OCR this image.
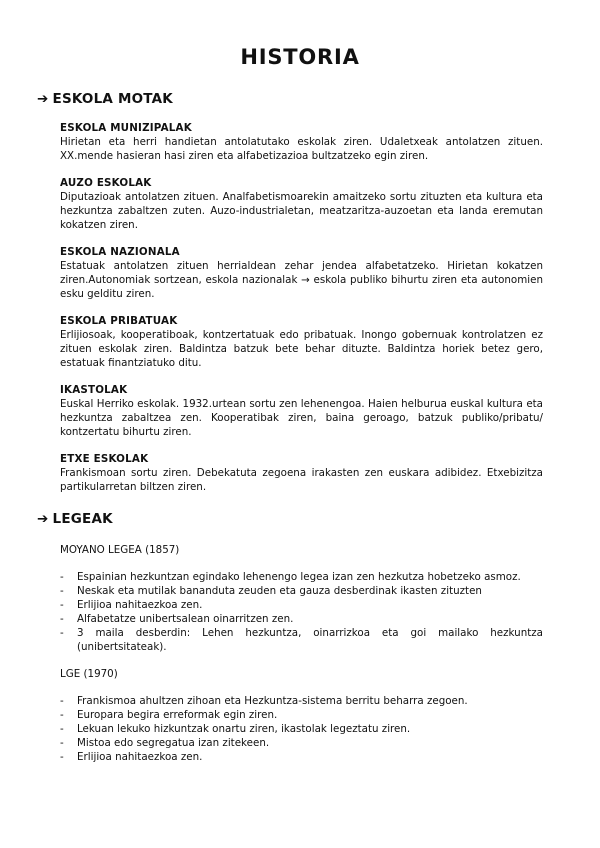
HISTORIA
➔ ESKOLA MOTAK

ESKOLA MUNIZIPALAK

Hirietan eta herri handietan antolatutako eskolak ziren. Udaletxeak antolatzen zituen. XX.mende hasieran hasi ziren eta alfabetizazioa bultzatzeko egin ziren.

AUZO ESKOLAK

Diputazioak antolatzen zituen. Analfabetismoarekin amaitzeko sortu zituzten eta kultura eta hezkuntza zabaltzen zuten. Auzo-industrialetan, meatzaritza-auzoetan eta landa eremutan kokatzen ziren.

ESKOLA NAZIONALA

Estatuak antolatzen zituen herrialdean zehar jendea alfabetatzeko. Hirietan kokatzen ziren.Autonomiak sortzean, eskola nazionalak → eskola publiko bihurtu ziren eta autonomien esku gelditu ziren.

ESKOLA PRIBATUAK

Erlijiosoak, kooperatiboak, kontzertatuak edo pribatuak. Inongo gobernuak kontrolatzen ez zituen eskolak ziren. Baldintza batzuk bete behar dituzte. Baldintza horiek betez gero, estatuak finantziatuko ditu.

IKASTOLAK

Euskal Herriko eskolak. 1932.urtean sortu zen lehenengoa. Haien helburua euskal kultura eta hezkuntza zabaltzea zen. Kooperatibak ziren, baina geroago, batzuk publiko/pribatu/ kontzertatu bihurtu ziren.

ETXE ESKOLAK

Frankismoan sortu ziren. Debekatuta zegoena irakasten zen euskara adibidez. Etxebizitza partikularretan biltzen ziren.

➔ LEGEAK

MOYANO LEGEA (1857)

- Espainian hezkuntzan egindako lehenengo legea izan zen hezkutza hobetzeko asmoz.
- Neskak eta mutilak bananduta zeuden eta gauza desberdinak ikasten zituzten
- Erlijioa nahitaezkoa zen.
- Alfabetatze unibertsalean oinarritzen zen.
- 3 maila desberdin: Lehen hezkuntza, oinarrizkoa eta goi mailako hezkuntza (unibertsitateak).

LGE (1970)

- Frankismoa ahultzen zihoan eta Hezkuntza-sistema berritu beharra zegoen.
- Europara begira erreformak egin ziren.
- Lekuan lekuko hizkuntzak onartu ziren, ikastolak legeztatu ziren.
- Mistoa edo segregatua izan zitekeen.
- Erlijioa nahitaezkoa zen.
